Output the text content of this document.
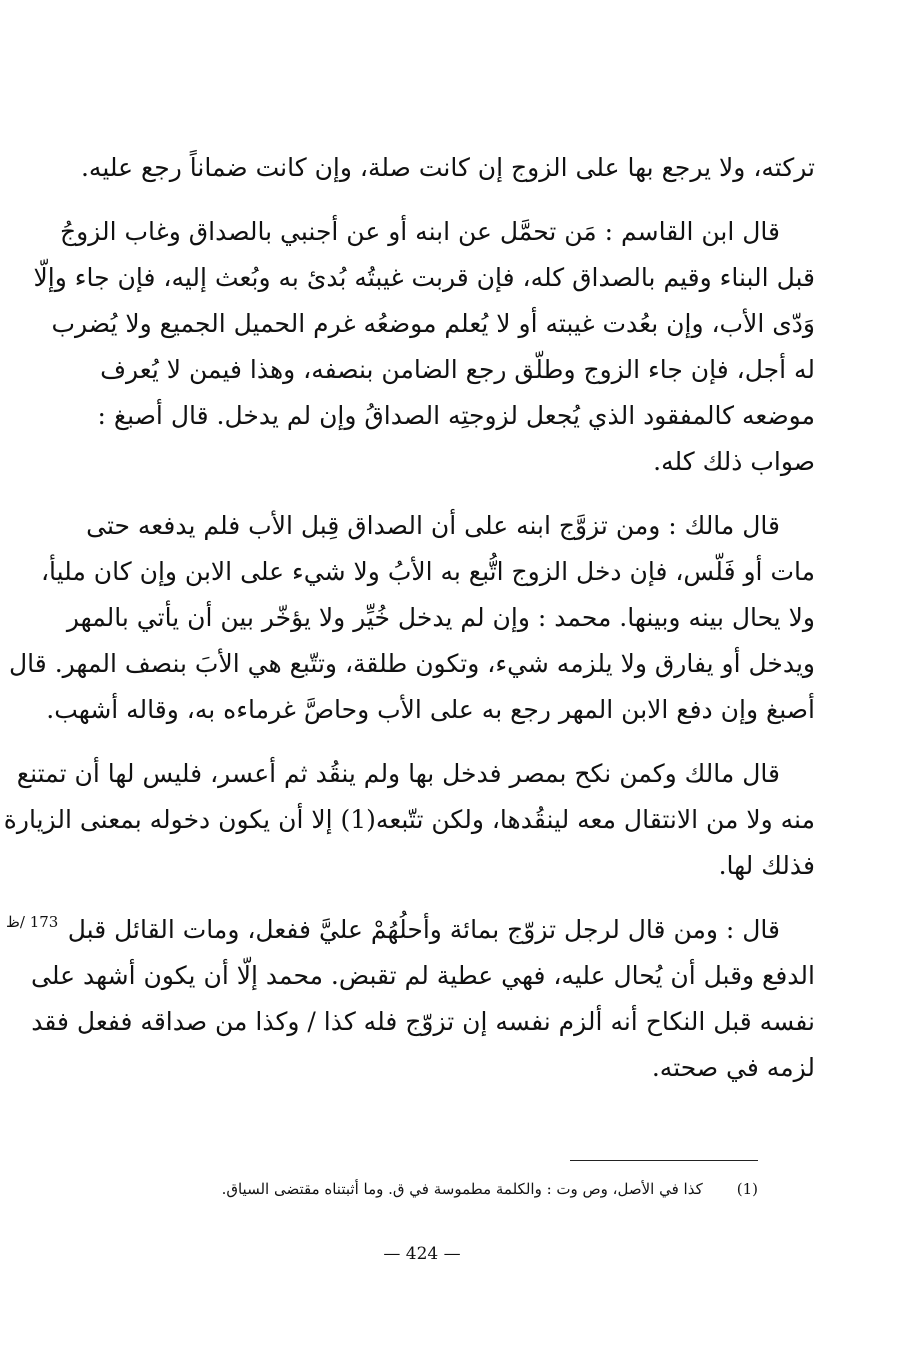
تركته، ولا يرجع بها على الزوج إن كانت صلة، وإن كانت ضماناً رجع عليه.
قال ابن القاسم : مَن تحمَّل عن ابنه أو عن أجنبي بالصداق وغاب الزوجُ
قبل البناء وقيم بالصداق كله، فإن قربت غيبتُه بُدئ به وبُعث إليه، فإن جاء وإلّا
وَدّى الأب، وإن بعُدت غيبته أو لا يُعلم موضعُه غرم الحميل الجميع ولا يُضرب
له أجل، فإن جاء الزوج وطلّق رجع الضامن بنصفه، وهذا فيمن لا يُعرف
موضعه كالمفقود الذي يُجعل لزوجتِه الصداقُ وإن لم يدخل. قال أصبغ :
صواب ذلك كله.
قال مالك : ومن تزوَّج ابنه على أن الصداق قِبل الأب فلم يدفعه حتى
مات أو فَلّس، فإن دخل الزوج اتُّبع به الأبُ ولا شيء على الابن وإن كان مليأ،
ولا يحال بينه وبينها. محمد : وإن لم يدخل خُيِّر ولا يؤخّر بين أن يأتي بالمهر
ويدخل أو يفارق ولا يلزمه شيء، وتكون طلقة، وتتّبع هي الأبَ بنصف المهر. قال
أصبغ وإن دفع الابن المهر رجع به على الأب وحاصَّ غرماءه به، وقاله أشهب.
قال مالك وكمن نكح بمصر فدخل بها ولم ينقُد ثم أعسر، فليس لها أن تمتنع
منه ولا من الانتقال معه لينقُدها، ولكن تتّبعه(1) إلا أن يكون دخوله بمعنى الزيارة
فذلك لها.
قال : ومن قال لرجل تزوّج بمائة وأحلُهُمْ عليَّ ففعل، ومات القائل قبل
الدفع وقبل أن يُحال عليه، فهي عطية لم تقبض. محمد إلّا أن يكون أشهد على
نفسه قبل النكاح أنه ألزم نفسه إن تزوّج فله كذا / وكذا من صداقه ففعل فقد
لزمه في صحته.
173 /ظ
(1)كذا في الأصل، وص وت : والكلمة مطموسة في ق. وما أثبتناه مقتضى السياق.
— 424 —
